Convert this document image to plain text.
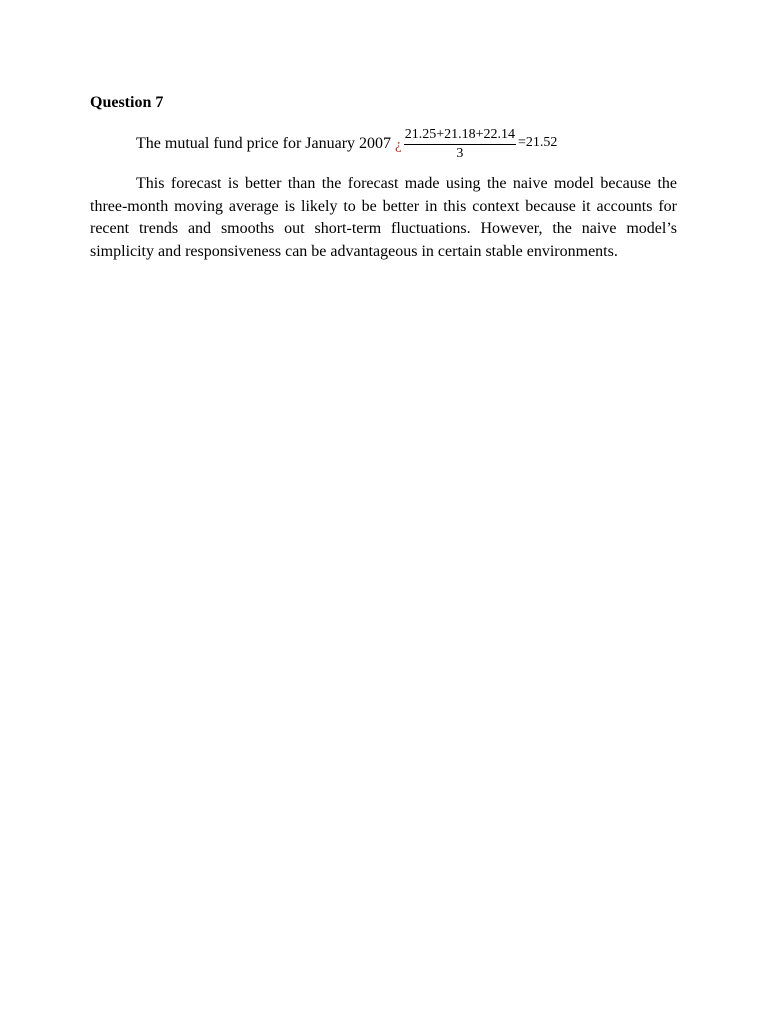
Question 7
The mutual fund price for January 2007 ¿ $\frac{21.25+21.18+22.14}{3} =21.52$

This forecast is better than the forecast made using the naive model because the three-month moving average is likely to be better in this context because it accounts for recent trends and smooths out short-term fluctuations. However, the naive model’s simplicity and responsiveness can be advantageous in certain stable environments.
